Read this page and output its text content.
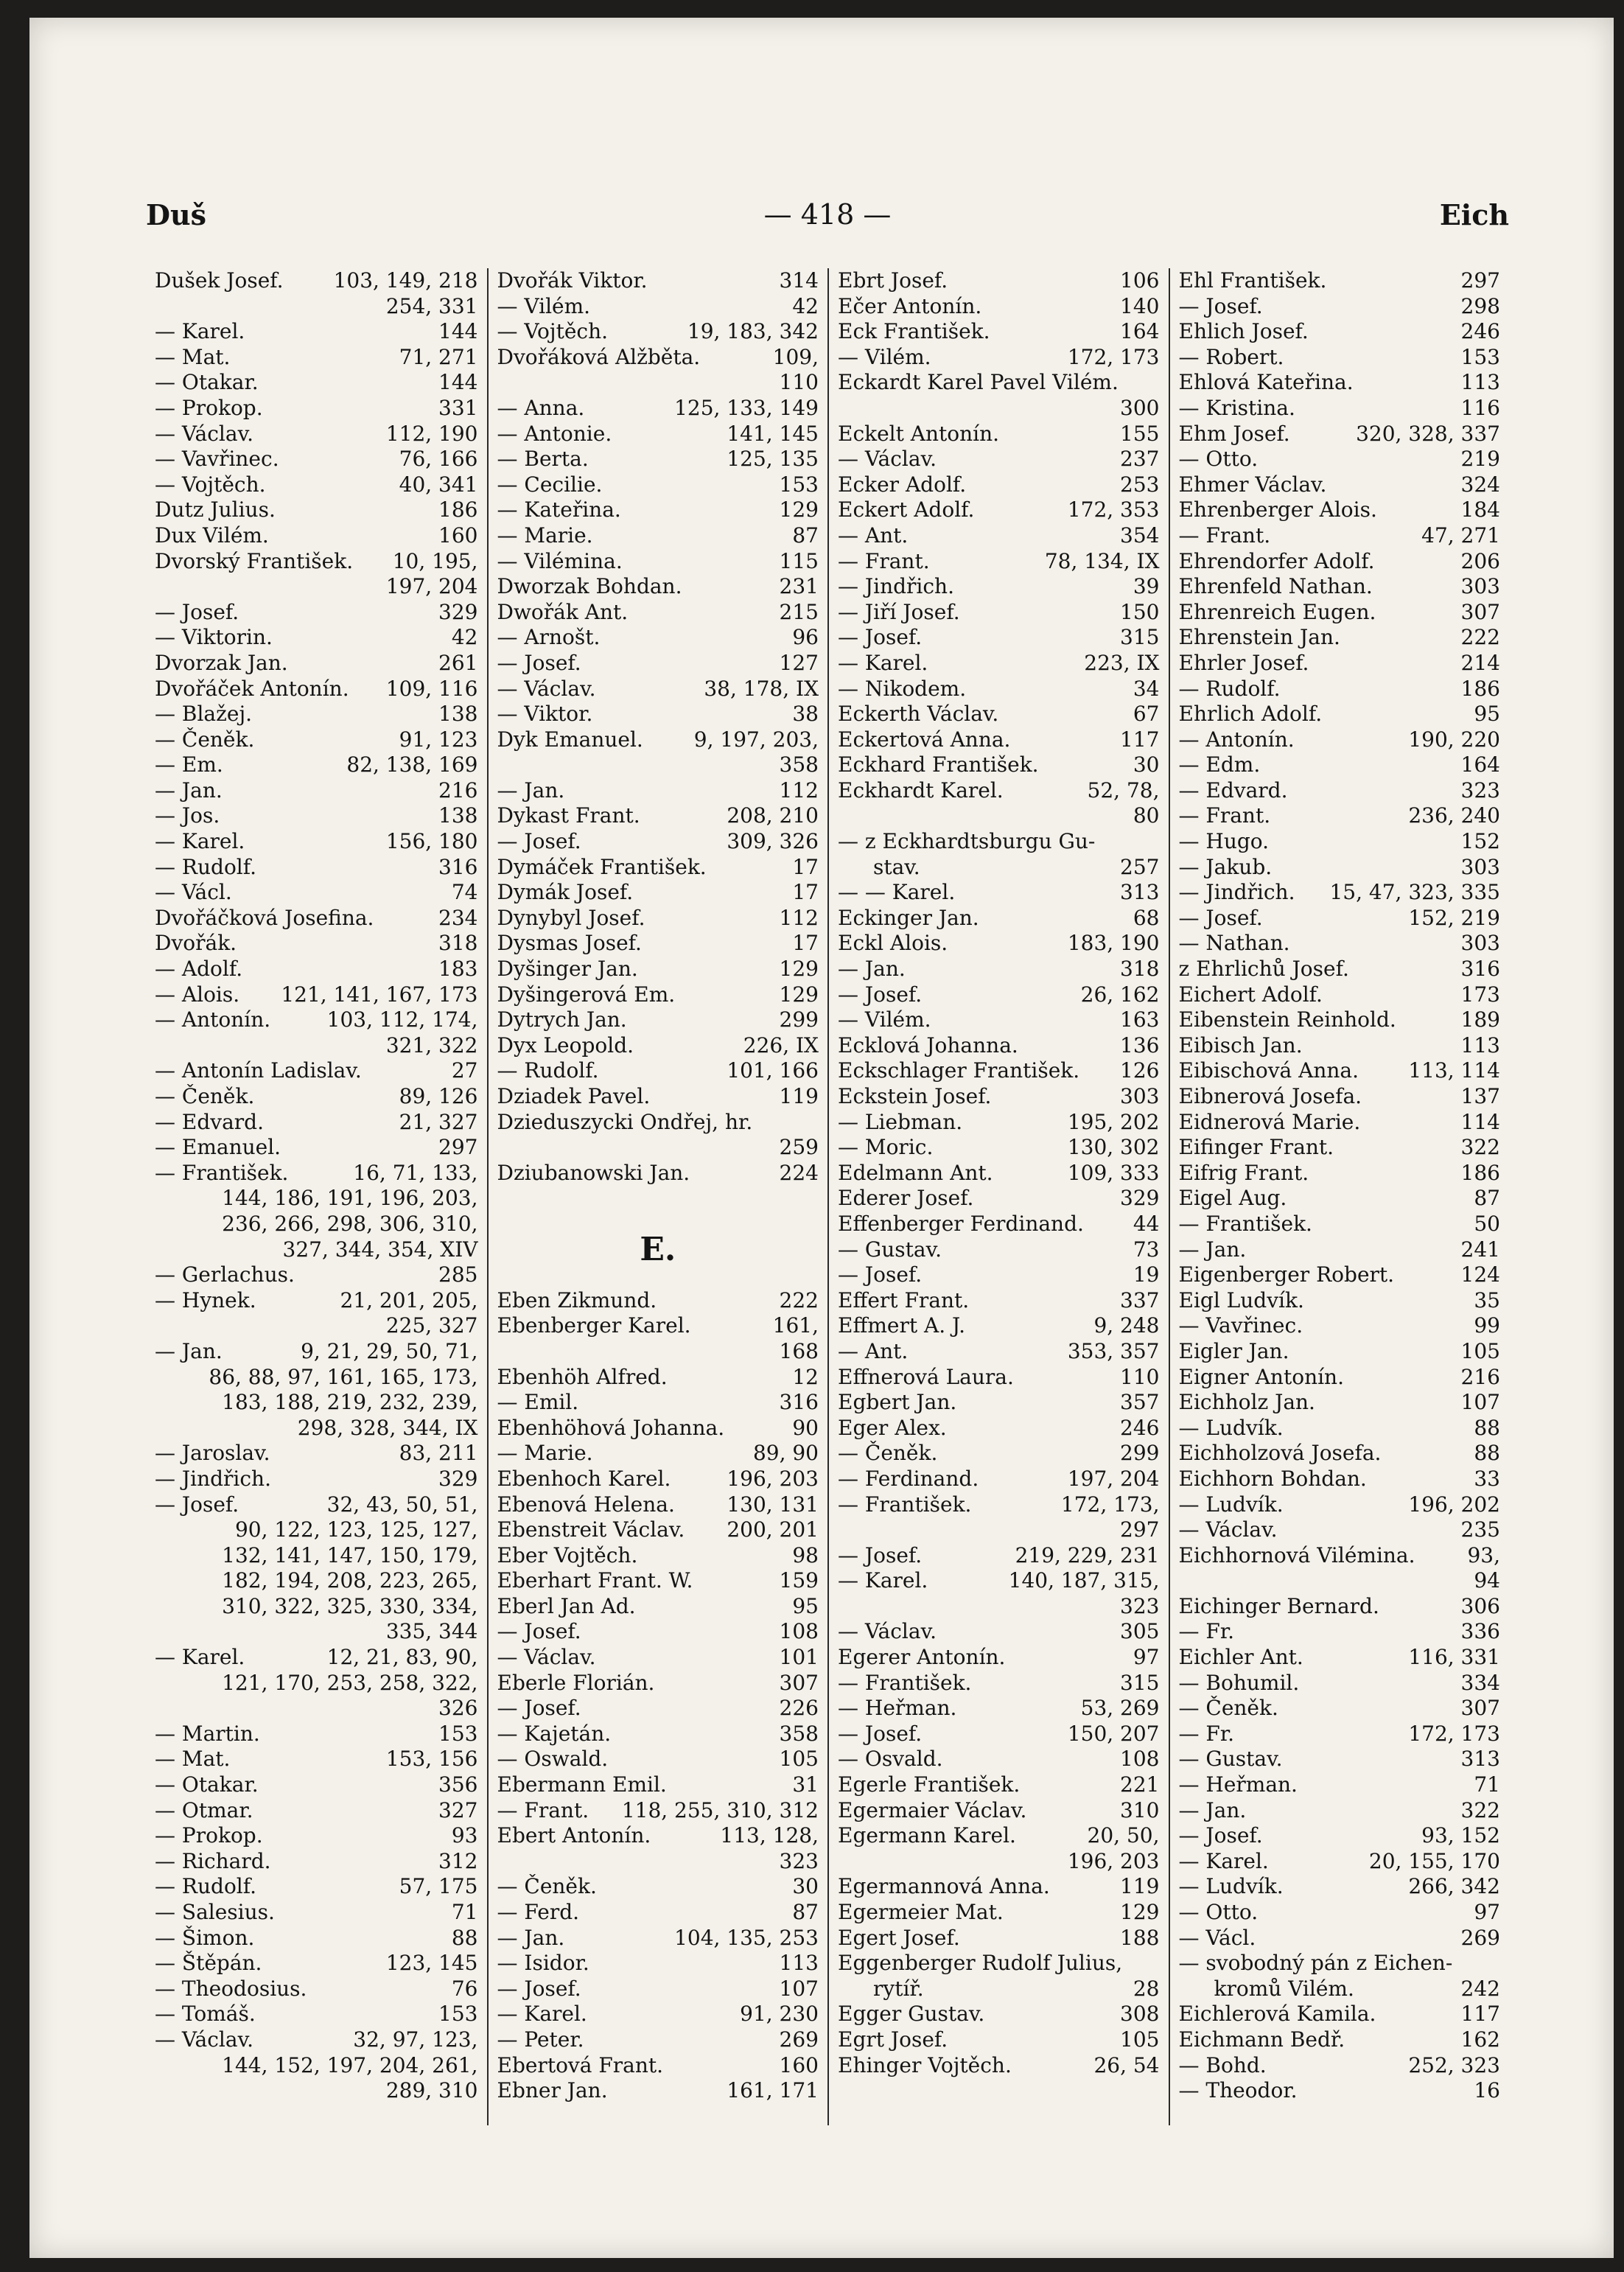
Duš	— 418 —	Eich
Dušek Josef. 103, 149, 218
254, 331
— Karel.	144
— Mat.	71, 271
— Otakar.	144
— Prokop.	331
— Václav.	112, 190
— Vavřinec.	76, 166
— Vojtěch.	40, 341
Dutz Julius.	186
Dux Vilém.	160
Dvorský František. 10, 195,
197, 204
— Josef.	329
— Viktorin.	42
Dvorzak Jan.	261
Dvořáček Antonín. 109, 116
— Blažej.	138
— Čeněk.	91, 123
— Em.	82, 138, 169
— Jan.	216
— Jos.	138
— Karel.	156, 180
— Rudolf.	316
— Václ.	74
Dvořáčková Josefina.	234
Dvořák.	318
— Adolf.	183
— Alois. 121, 141, 167, 173
— Antonín.	103, 112, 174,
321, 322
— Antonín Ladislav.	27
— Čeněk.	89, 126
— Edvard.	21, 327
— Emanuel.	297
— František.	16, 71, 133,
144, 186, 191, 196, 203,
236, 266, 298, 306, 310,
327, 344, 354, XIV
— Gerlachus.	285
— Hynek.	21, 201, 205,
225, 327
— Jan.	9, 21, 29, 50, 71,
86, 88, 97, 161, 165, 173,
183, 188, 219, 232, 239,
298, 328, 344, IX
— Jaroslav.	83, 211
— Jindřich.	329
— Josef.	32, 43, 50, 51,
90, 122, 123, 125, 127,
132, 141, 147, 150, 179,
182, 194, 208, 223, 265,
310, 322, 325, 330, 334,
335, 344
— Karel.	12, 21, 83, 90,
121, 170, 253, 258, 322,
326
— Martin.	153
— Mat.	153, 156
— Otakar.	356
— Otmar.	327
— Prokop.	93
— Richard.	312
— Rudolf.	57, 175
— Salesius.	71
— Šimon.	88
— Štěpán.	123, 145
— Theodosius.	76
— Tomáš.	153
— Václav.	32, 97, 123,
144, 152, 197, 204, 261,
289, 310
Dvořák Viktor.	314
— Vilém.	42
— Vojtěch.	19, 183, 342
Dvořáková Alžběta.	109,
110
— Anna.	125, 133, 149
— Antonie.	141, 145
— Berta.	125, 135
— Cecilie.	153
— Kateřina.	129
— Marie.	87
— Vilémina.	115
Dworzak Bohdan.	231
Dwořák Ant.	215
— Arnošt.	96
— Josef.	127
— Václav.	38, 178, IX
— Viktor.	38
Dyk Emanuel. 9, 197, 203,
358
— Jan.	112
Dykast Frant.	208, 210
— Josef.	309, 326
Dymáček František.	17
Dymák Josef.	17
Dynybyl Josef.	112
Dysmas Josef.	17
Dyšinger Jan.	129
Dyšingerová Em.	129
Dytrych Jan.	299
Dyx Leopold.	226, IX
— Rudolf.	101, 166
Dziadek Pavel.	119
Dzieduszycki Ondřej, hr.
259
Dziubanowski Jan.	224
E.
Eben Zikmund.	222
Ebenberger Karel.	161,
168
Ebenhöh Alfred.	12
— Emil.	316
Ebenhöhová Johanna.	90
— Marie.	89, 90
Ebenhoch Karel.	196, 203
Ebenová Helena.	130, 131
Ebenstreit Václav. 200, 201
Eber Vojtěch.	98
Eberhart Frant. W.	159
Eberl Jan Ad.	95
— Josef.	108
— Václav.	101
Eberle Florián.	307
— Josef.	226
— Kajetán.	358
— Oswald.	105
Ebermann Emil.	31
— Frant. 118, 255, 310, 312
Ebert Antonín.	113, 128,
323
— Čeněk.	30
— Ferd.	87
— Jan.	104, 135, 253
— Isidor.	113
— Josef.	107
— Karel.	91, 230
— Peter.	269
Ebertová Frant.	160
Ebner Jan.	161, 171
Ebrt Josef.	106
Ečer Antonín.	140
Eck František.	164
— Vilém.	172, 173
Eckardt Karel Pavel Vilém.
300
Eckelt Antonín.	155
— Václav.	237
Ecker Adolf.	253
Eckert Adolf.	172, 353
— Ant.	354
— Frant.	78, 134, IX
— Jindřich.	39
— Jiří Josef.	150
— Josef.	315
— Karel.	223, IX
— Nikodem.	34
Eckerth Václav.	67
Eckertová Anna.	117
Eckhard František.	30
Eckhardt Karel.	52, 78,
80
— z Eckhardtsburgu Gu-
stav.	257
— — Karel.	313
Eckinger Jan.	68
Eckl Alois.	183, 190
— Jan.	318
— Josef.	26, 162
— Vilém.	163
Ecklová Johanna.	136
Eckschlager František. 126
Eckstein Josef.	303
— Liebman.	195, 202
— Moric.	130, 302
Edelmann Ant.	109, 333
Ederer Josef.	329
Effenberger Ferdinand. 44
— Gustav.	73
— Josef.	19
Effert Frant.	337
Effmert A. J.	9, 248
— Ant.	353, 357
Effnerová Laura.	110
Egbert Jan.	357
Eger Alex.	246
— Čeněk.	299
— Ferdinand.	197, 204
— František.	172, 173,
297
— Josef.	219, 229, 231
— Karel.	140, 187, 315,
323
— Václav.	305
Egerer Antonín.	97
— František.	315
— Heřman.	53, 269
— Josef.	150, 207
— Osvald.	108
Egerle František.	221
Egermaier Václav.	310
Egermann Karel.	20, 50,
196, 203
Egermannová Anna.	119
Egermeier Mat.	129
Egert Josef.	188
Eggenberger Rudolf Julius,
rytíř.	28
Egger Gustav.	308
Egrt Josef.	105
Ehinger Vojtěch.	26, 54
Ehl František.	297
— Josef.	298
Ehlich Josef.	246
— Robert.	153
Ehlová Kateřina.	113
— Kristina.	116
Ehm Josef.	320, 328, 337
— Otto.	219
Ehmer Václav.	324
Ehrenberger Alois.	184
— Frant.	47, 271
Ehrendorfer Adolf.	206
Ehrenfeld Nathan.	303
Ehrenreich Eugen.	307
Ehrenstein Jan.	222
Ehrler Josef.	214
— Rudolf.	186
Ehrlich Adolf.	95
— Antonín.	190, 220
— Edm.	164
— Edvard.	323
— Frant.	236, 240
— Hugo.	152
— Jakub.	303
— Jindřich. 15, 47, 323, 335
— Josef.	152, 219
— Nathan.	303
z Ehrlichů Josef.	316
Eichert Adolf.	173
Eibenstein Reinhold.	189
Eibisch Jan.	113
Eibischová Anna. 113, 114
Eibnerová Josefa.	137
Eidnerová Marie.	114
Eifinger Frant.	322
Eifrig Frant.	186
Eigel Aug.	87
— František.	50
— Jan.	241
Eigenberger Robert.	124
Eigl Ludvík.	35
— Vavřinec.	99
Eigler Jan.	105
Eigner Antonín.	216
Eichholz Jan.	107
— Ludvík.	88
Eichholzová Josefa.	88
Eichhorn Bohdan.	33
— Ludvík.	196, 202
— Václav.	235
Eichhornová Vilémina.	93,
94
Eichinger Bernard.	306
— Fr.	336
Eichler Ant.	116, 331
— Bohumil.	334
— Čeněk.	307
— Fr.	172, 173
— Gustav.	313
— Heřman.	71
— Jan.	322
— Josef.	93, 152
— Karel.	20, 155, 170
— Ludvík.	266, 342
— Otto.	97
— Václ.	269
— svobodný pán z Eichen-
kromů Vilém.	242
Eichlerová Kamila.	117
Eichmann Bedř.	162
— Bohd.	252, 323
— Theodor.	16
